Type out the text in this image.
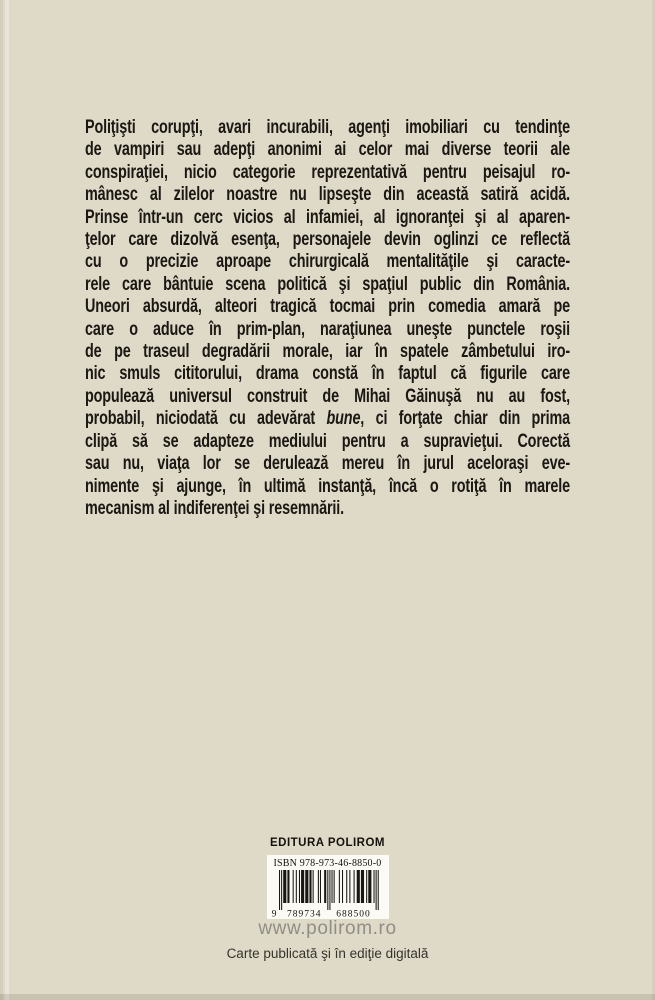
Poliţişti corupţi, avari incurabili, agenţi imobiliari cu tendinţe
de vampiri sau adepţi anonimi ai celor mai diverse teorii ale
conspiraţiei, nicio categorie reprezentativă pentru peisajul ro-
mânesc al zilelor noastre nu lipseşte din această satiră acidă.
Prinse într-un cerc vicios al infamiei, al ignoranţei şi al aparen-
ţelor care dizolvă esenţa, personajele devin oglinzi ce reflectă
cu o precizie aproape chirurgicală mentalităţile şi caracte-
rele care bântuie scena politică şi spaţiul public din România.
Uneori absurdă, alteori tragică tocmai prin comedia amară pe
care o aduce în prim-plan, naraţiunea uneşte punctele roşii
de pe traseul degradării morale, iar în spatele zâmbetului iro-
nic smuls cititorului, drama constă în faptul că figurile care
populează universul construit de Mihai Găinuşă nu au fost,
probabil, niciodată cu adevărat bune, ci forţate chiar din prima
clipă să se adapteze mediului pentru a supravieţui. Corectă
sau nu, viaţa lor se derulează mereu în jurul aceloraşi eve-
nimente şi ajunge, în ultimă instanţă, încă o rotiţă în marele
mecanism al indiferenţei şi resemnării.
EDITURA POLIROM
ISBN 978-973-46-8850-0
9 789734 688500
www.polirom.ro
Carte publicată şi în ediţie digitală
